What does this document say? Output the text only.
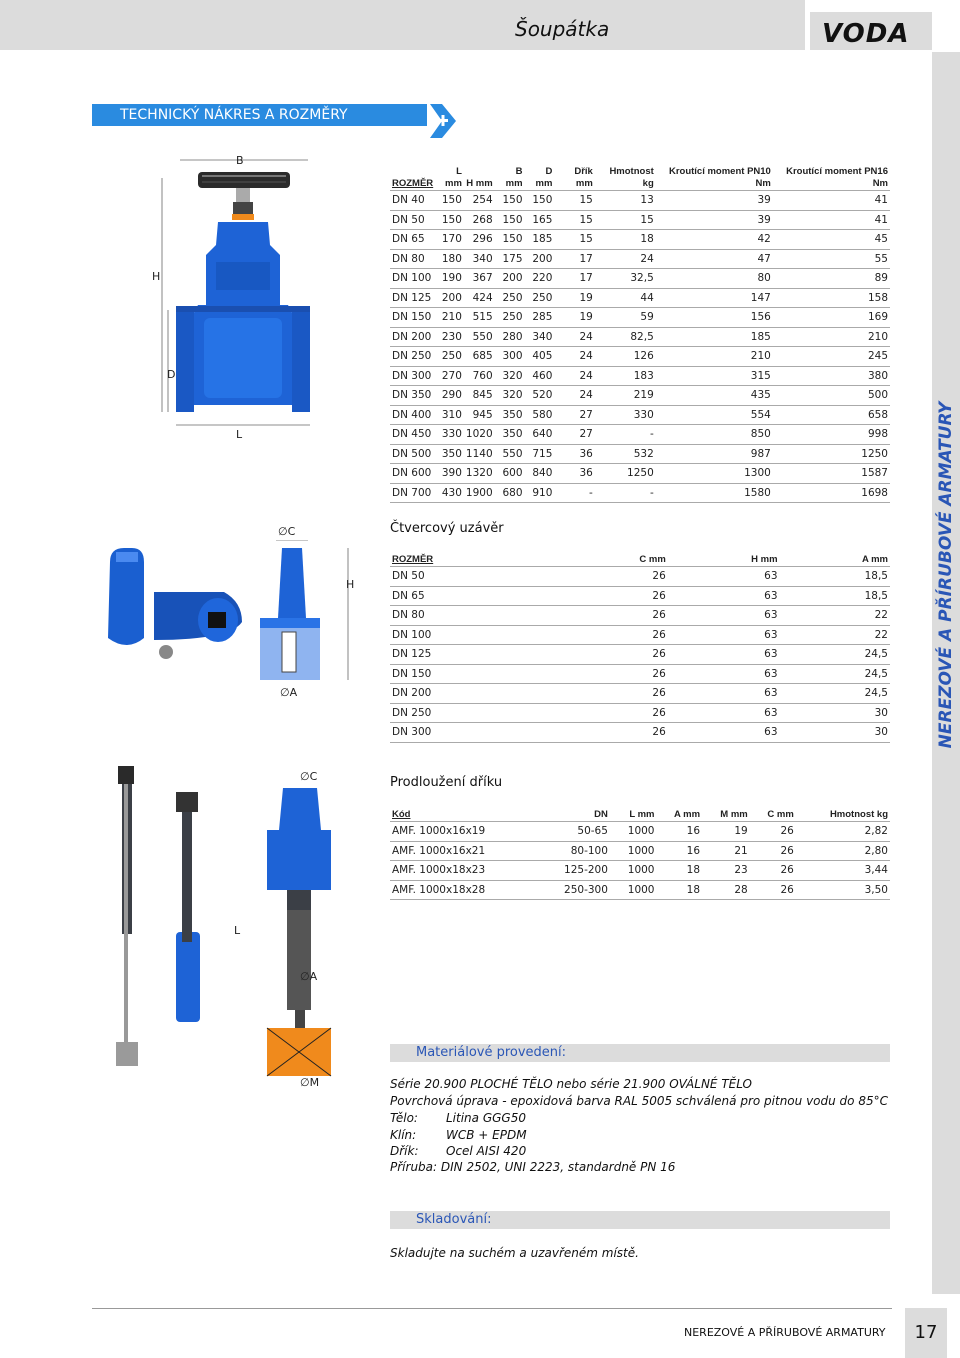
Šoupátka	VODA
NEREZOVÉ A PŘÍRUBOVÉ ARMATURY
TECHNICKÝ NÁKRES A ROZMĚRY
B
H
D
L
∅C
H
∅A
∅C
L
∅A
∅M
ROZMĚR	L mm	H mm	B mm	D mm	Dřík mm	Hmotnost kg	Kroutící moment PN10 Nm	Kroutící moment PN16 Nm
DN 40	150	254	150	150	15	13	39	41
DN 50	150	268	150	165	15	15	39	41
DN 65	170	296	150	185	15	18	42	45
DN 80	180	340	175	200	17	24	47	55
DN 100	190	367	200	220	17	32,5	80	89
DN 125	200	424	250	250	19	44	147	158
DN 150	210	515	250	285	19	59	156	169
DN 200	230	550	280	340	24	82,5	185	210
DN 250	250	685	300	405	24	126	210	245
DN 300	270	760	320	460	24	183	315	380
DN 350	290	845	320	520	24	219	435	500
DN 400	310	945	350	580	27	330	554	658
DN 450	330	1020	350	640	27	-	850	998
DN 500	350	1140	550	715	36	532	987	1250
DN 600	390	1320	600	840	36	1250	1300	1587
DN 700	430	1900	680	910	-	-	1580	1698
Čtvercový uzávěr
ROZMĚR	C mm	H mm	A mm
DN 50	26	63	18,5
DN 65	26	63	18,5
DN 80	26	63	22
DN 100	26	63	22
DN 125	26	63	24,5
DN 150	26	63	24,5
DN 200	26	63	24,5
DN 250	26	63	30
DN 300	26	63	30
Prodloužení dříku
Kód	DN	L mm	A mm	M mm	C mm	Hmotnost kg
AMF. 1000x16x19	50-65	1000	16	19	26	2,82
AMF. 1000x16x21	80-100	1000	16	21	26	2,80
AMF. 1000x18x23	125-200	1000	18	23	26	3,44
AMF. 1000x18x28	250-300	1000	18	28	26	3,50
Materiálové provedení:
Série 20.900 PLOCHÉ TĚLO nebo série 21.900 OVÁLNÉ TĚLO
Povrchová úprava - epoxidová barva RAL 5005 schválená pro pitnou vodu do 85°C
Tělo: Litina GGG50
Klín: WCB + EPDM
Dřík: Ocel AISI 420
Příruba: DIN 2502, UNI 2223, standardně PN 16
Skladování:
Skladujte na suchém a uzavřeném místě.
NEREZOVÉ A PŘÍRUBOVÉ ARMATURY	17
